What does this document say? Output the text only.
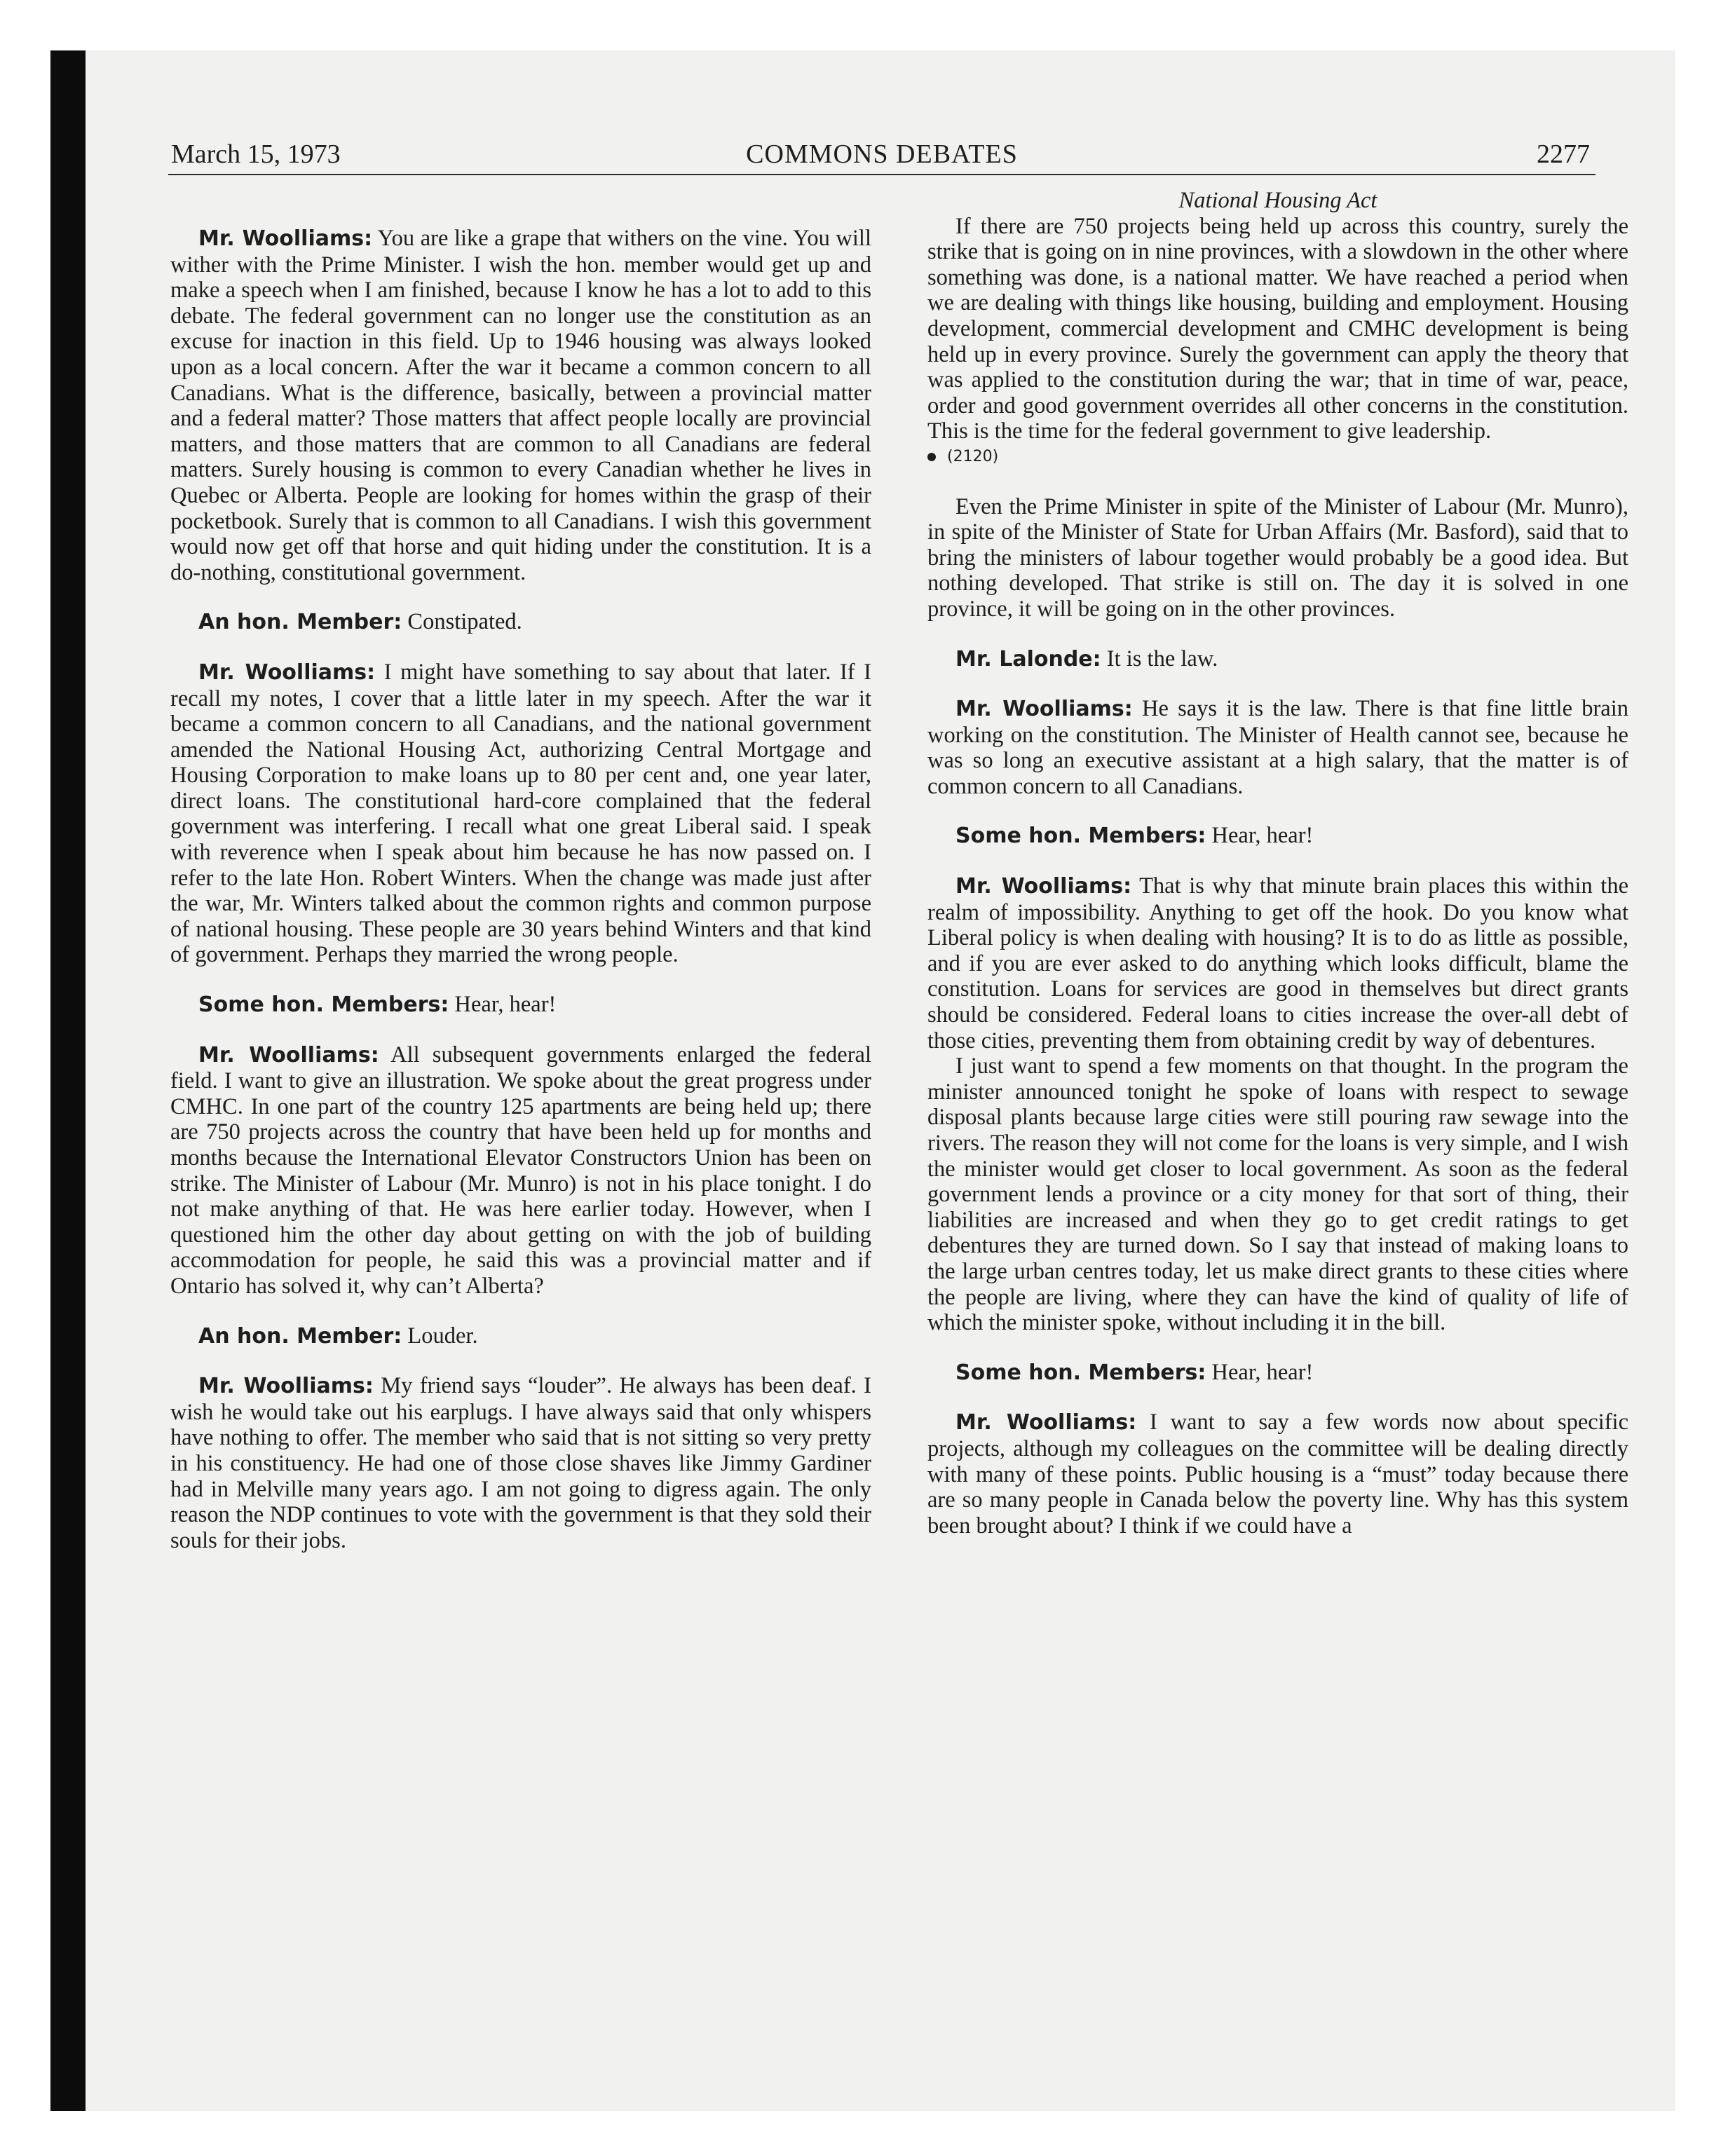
March 15, 1973	COMMONS DEBATES	2277

Mr. Woolliams: You are like a grape that withers on the vine. You will wither with the Prime Minister. I wish the hon. member would get up and make a speech when I am finished, because I know he has a lot to add to this debate. The federal government can no longer use the constitution as an excuse for inaction in this field. Up to 1946 housing was always looked upon as a local concern. After the war it became a common concern to all Canadians. What is the difference, basically, between a provincial matter and a federal matter? Those matters that affect people locally are provincial matters, and those matters that are common to all Canadians are federal matters. Surely housing is common to every Canadian whether he lives in Quebec or Alberta. People are looking for homes within the grasp of their pocketbook. Surely that is common to all Canadians. I wish this government would now get off that horse and quit hiding under the constitution. It is a do-nothing, constitutional government.

An hon. Member: Constipated.

Mr. Woolliams: I might have something to say about that later. If I recall my notes, I cover that a little later in my speech. After the war it became a common concern to all Canadians, and the national government amended the National Housing Act, authorizing Central Mortgage and Housing Corporation to make loans up to 80 per cent and, one year later, direct loans. The constitutional hard-core complained that the federal government was interfering. I recall what one great Liberal said. I speak with reverence when I speak about him because he has now passed on. I refer to the late Hon. Robert Winters. When the change was made just after the war, Mr. Winters talked about the common rights and common purpose of national housing. These people are 30 years behind Winters and that kind of government. Perhaps they married the wrong people.

Some hon. Members: Hear, hear!

Mr. Woolliams: All subsequent governments enlarged the federal field. I want to give an illustration. We spoke about the great progress under CMHC. In one part of the country 125 apartments are being held up; there are 750 projects across the country that have been held up for months and months because the International Elevator Constructors Union has been on strike. The Minister of Labour (Mr. Munro) is not in his place tonight. I do not make anything of that. He was here earlier today. However, when I questioned him the other day about getting on with the job of building accommodation for people, he said this was a provincial matter and if Ontario has solved it, why can’t Alberta?

An hon. Member: Louder.

Mr. Woolliams: My friend says “louder”. He always has been deaf. I wish he would take out his earplugs. I have always said that only whispers have nothing to offer. The member who said that is not sitting so very pretty in his constituency. He had one of those close shaves like Jimmy Gardiner had in Melville many years ago. I am not going to digress again. The only reason the NDP continues to vote with the government is that they sold their souls for their jobs.

National Housing Act

If there are 750 projects being held up across this country, surely the strike that is going on in nine provinces, with a slowdown in the other where something was done, is a national matter. We have reached a period when we are dealing with things like housing, building and employment. Housing development, commercial development and CMHC development is being held up in every province. Surely the government can apply the theory that was applied to the constitution during the war; that in time of war, peace, order and good government overrides all other concerns in the constitution. This is the time for the federal government to give leadership.

(2120)

Even the Prime Minister in spite of the Minister of Labour (Mr. Munro), in spite of the Minister of State for Urban Affairs (Mr. Basford), said that to bring the ministers of labour together would probably be a good idea. But nothing developed. That strike is still on. The day it is solved in one province, it will be going on in the other provinces.

Mr. Lalonde: It is the law.

Mr. Woolliams: He says it is the law. There is that fine little brain working on the constitution. The Minister of Health cannot see, because he was so long an executive assistant at a high salary, that the matter is of common concern to all Canadians.

Some hon. Members: Hear, hear!

Mr. Woolliams: That is why that minute brain places this within the realm of impossibility. Anything to get off the hook. Do you know what Liberal policy is when dealing with housing? It is to do as little as possible, and if you are ever asked to do anything which looks difficult, blame the constitution. Loans for services are good in themselves but direct grants should be considered. Federal loans to cities increase the over-all debt of those cities, preventing them from obtaining credit by way of debentures.

I just want to spend a few moments on that thought. In the program the minister announced tonight he spoke of loans with respect to sewage disposal plants because large cities were still pouring raw sewage into the rivers. The reason they will not come for the loans is very simple, and I wish the minister would get closer to local government. As soon as the federal government lends a province or a city money for that sort of thing, their liabilities are increased and when they go to get credit ratings to get debentures they are turned down. So I say that instead of making loans to the large urban centres today, let us make direct grants to these cities where the people are living, where they can have the kind of quality of life of which the minister spoke, without including it in the bill.

Some hon. Members: Hear, hear!

Mr. Woolliams: I want to say a few words now about specific projects, although my colleagues on the committee will be dealing directly with many of these points. Public housing is a “must” today because there are so many people in Canada below the poverty line. Why has this system been brought about? I think if we could have a
